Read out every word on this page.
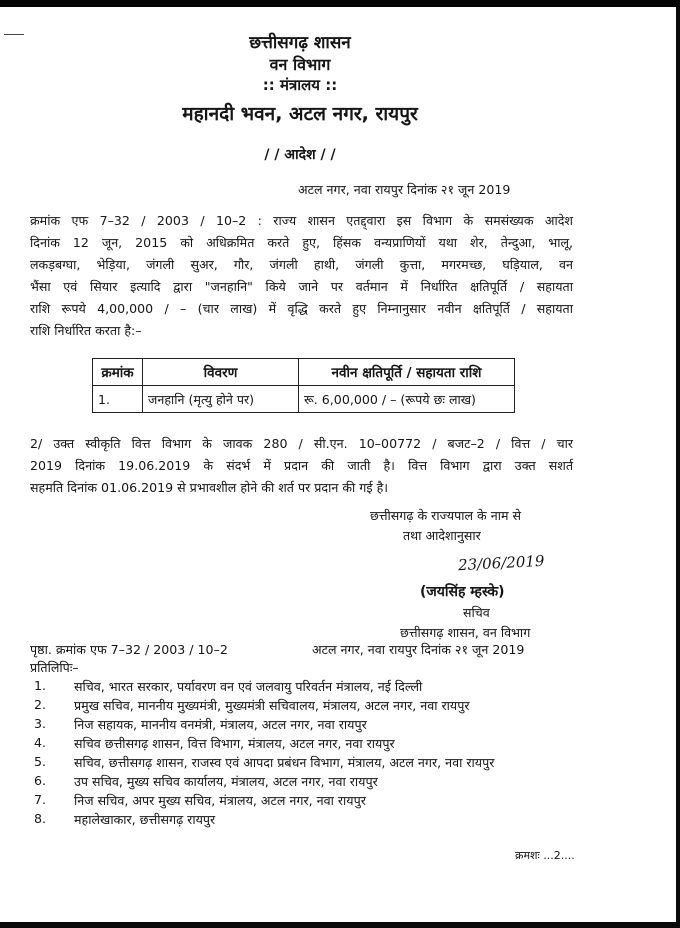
छत्तीसगढ़ शासन
वन विभाग
:: मंत्रालय ::
महानदी भवन, अटल नगर, रायपुर
/ / आदेश / /
अटल नगर, नवा रायपुर दिनांक २१ जून 2019
क्रमांक एफ 7–32 / 2003 / 10–2 : राज्य शासन एतद्द्वारा इस विभाग के समसंख्यक आदेश
दिनांक 12 जून, 2015 को अधिक्रमित करते हुए, हिंसक वन्यप्राणियों यथा शेर, तेन्दुआ, भालू,
लकड़बग्घा, भेड़िया, जंगली सुअर, गौर, जंगली हाथी, जंगली कुत्ता, मगरमच्छ, घड़ियाल, वन
भैंसा एवं सियार इत्यादि द्वारा "जनहानि" किये जाने पर वर्तमान में निर्धारित क्षतिपूर्ति / सहायता
राशि रूपये 4,00,000 / – (चार लाख) में वृद्धि करते हुए निम्नानुसार नवीन क्षतिपूर्ति / सहायता
राशि निर्धारित करता है:–
क्रमांक	विवरण	नवीन क्षतिपूर्ति / सहायता राशि
1.	जनहानि (मृत्यु होने पर)	रू. 6,00,000 / – (रूपये छः लाख)
2/ उक्त स्वीकृति वित्त विभाग के जावक 280 / सी.एन. 10–00772 / बजट–2 / वित्त / चार
2019 दिनांक 19.06.2019 के संदर्भ में प्रदान की जाती है। वित्त विभाग द्वारा उक्त सशर्त
सहमति दिनांक 01.06.2019 से प्रभावशील होने की शर्त पर प्रदान की गई है।
छत्तीसगढ़ के राज्यपाल के नाम से
तथा आदेशानुसार
23/06/2019
(जयसिंह म्हस्के)
सचिव
छत्तीसगढ़ शासन, वन विभाग
पृष्ठा. क्रमांक एफ 7–32 / 2003 / 10–2	अटल नगर, नवा रायपुर दिनांक २१ जून 2019
प्रतिलिपिः–
1. सचिव, भारत सरकार, पर्यावरण वन एवं जलवायु परिवर्तन मंत्रालय, नई दिल्ली
2. प्रमुख सचिव, माननीय मुख्यमंत्री, मुख्यमंत्री सचिवालय, मंत्रालय, अटल नगर, नवा रायपुर
3. निज सहायक, माननीय वनमंत्री, मंत्रालय, अटल नगर, नवा रायपुर
4. सचिव छत्तीसगढ़ शासन, वित्त विभाग, मंत्रालय, अटल नगर, नवा रायपुर
5. सचिव, छत्तीसगढ़ शासन, राजस्व एवं आपदा प्रबंधन विभाग, मंत्रालय, अटल नगर, नवा रायपुर
6. उप सचिव, मुख्य सचिव कार्यालय, मंत्रालय, अटल नगर, नवा रायपुर
7. निज सचिव, अपर मुख्य सचिव, मंत्रालय, अटल नगर, नवा रायपुर
8. महालेखाकार, छत्तीसगढ़ रायपुर
क्रमशः ...2....
